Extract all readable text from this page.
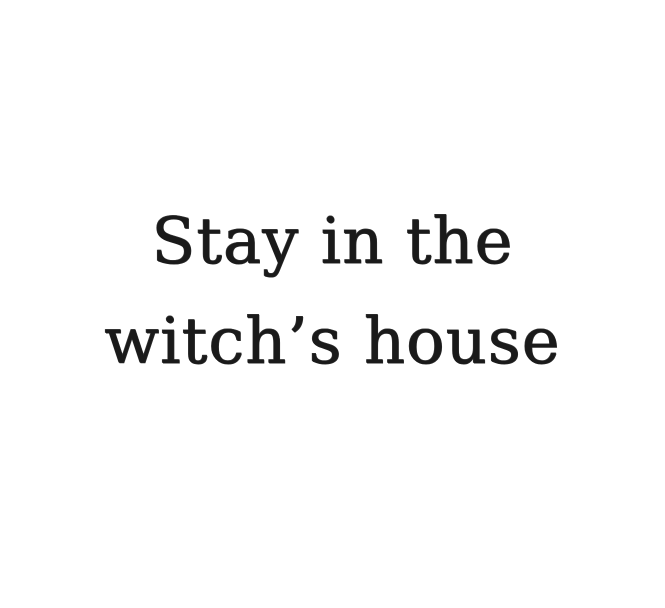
Stay in the
witch’s house
